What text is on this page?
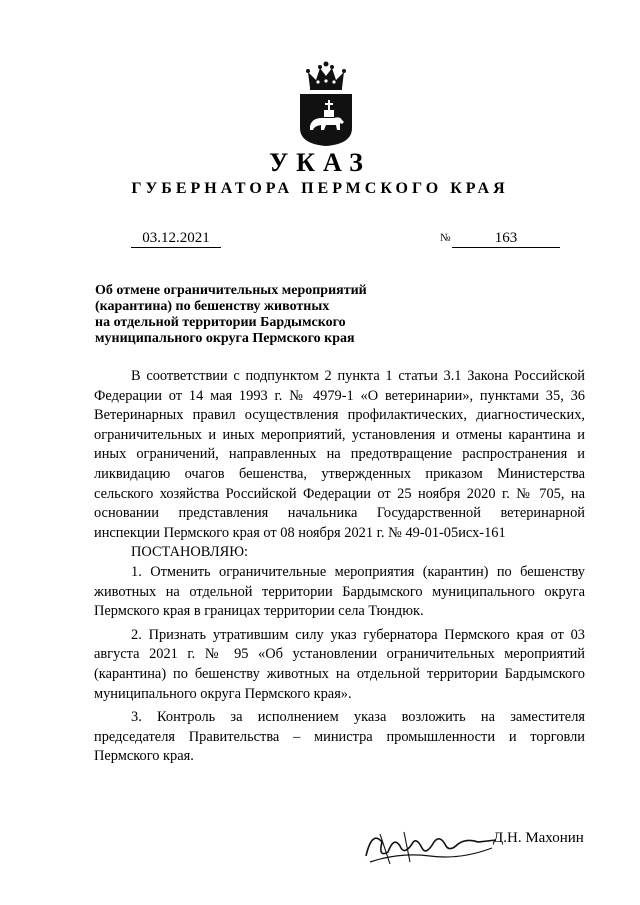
УКАЗ
ГУБЕРНАТОРА ПЕРМСКОГО КРАЯ
03.12.2021	№	163
Об отмене ограничительных мероприятий
(карантина) по бешенству животных
на отдельной территории Бардымского
муниципального округа Пермского края

В соответствии с подпунктом 2 пункта 1 статьи 3.1 Закона Российской Федерации от 14 мая 1993 г. № 4979-1 «О ветеринарии», пунктами 35, 36 Ветеринарных правил осуществления профилактических, диагностических, ограничительных и иных мероприятий, установления и отмены карантина и иных ограничений, направленных на предотвращение распространения и ликвидацию очагов бешенства, утвержденных приказом Министерства сельского хозяйства Российской Федерации от 25 ноября 2020 г. № 705, на основании представления начальника Государственной ветеринарной инспекции Пермского края от 08 ноября 2021 г. № 49-01-05исх-161

ПОСТАНОВЛЯЮ:

1. Отменить ограничительные мероприятия (карантин) по бешенству животных на отдельной территории Бардымского муниципального округа Пермского края в границах территории села Тюндюк.

2. Признать утратившим силу указ губернатора Пермского края от 03 августа 2021 г. № 95 «Об установлении ограничительных мероприятий (карантина) по бешенству животных на отдельной территории Бардымского муниципального округа Пермского края».

3. Контроль за исполнением указа возложить на заместителя председателя Правительства – министра промышленности и торговли Пермского края.

Д.Н. Махонин
